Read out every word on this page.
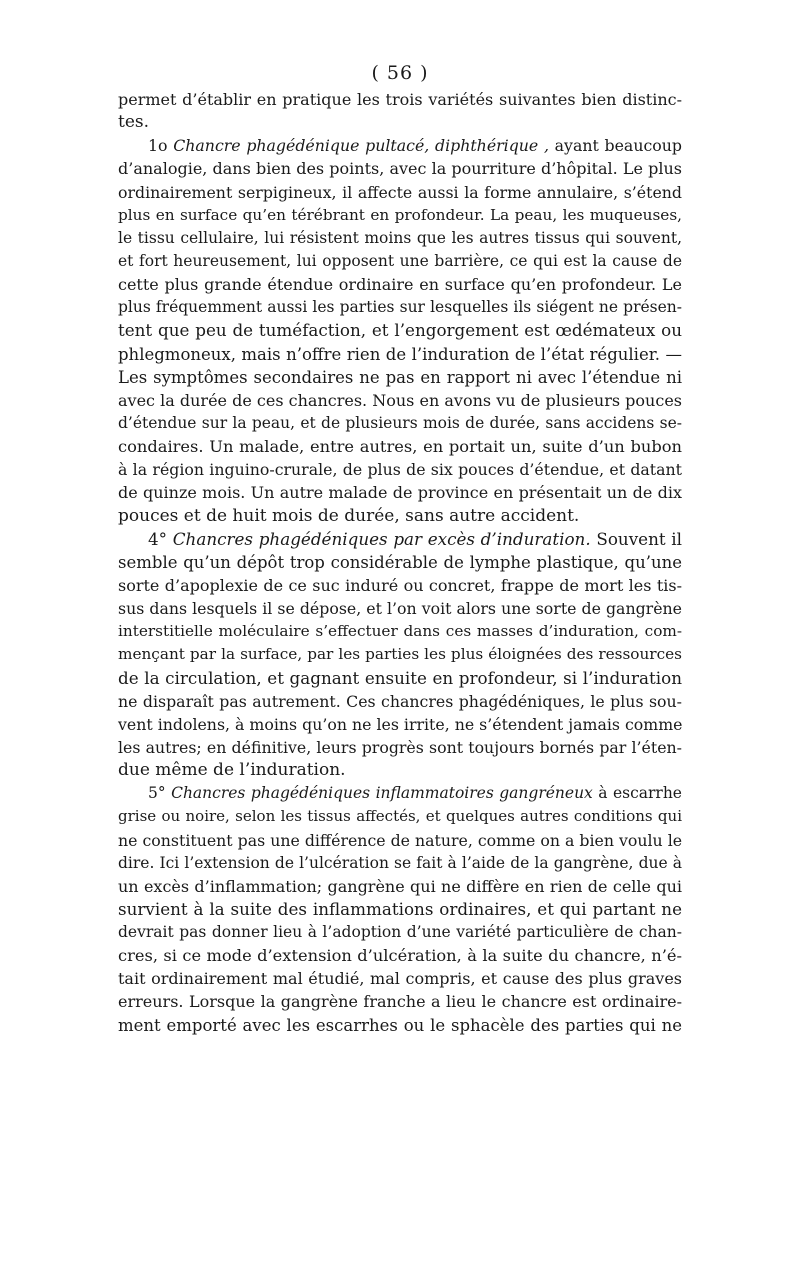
( 56 )
permet d’établir en pratique les trois variétés suivantes bien distinc-
tes.
1o Chancre phagédénique pultacé, diphthérique , ayant beaucoup
d’analogie, dans bien des points, avec la pourriture d’hôpital. Le plus
ordinairement serpigineux, il affecte aussi la forme annulaire, s’étend
plus en surface qu’en térébrant en profondeur. La peau, les muqueuses,
le tissu cellulaire, lui résistent moins que les autres tissus qui souvent,
et fort heureusement, lui opposent une barrière, ce qui est la cause de
cette plus grande étendue ordinaire en surface qu’en profondeur. Le
plus fréquemment aussi les parties sur lesquelles ils siégent ne présen-
tent que peu de tuméfaction, et l’engorgement est œdémateux ou
phlegmoneux, mais n’offre rien de l’induration de l’état régulier. —
Les symptômes secondaires ne pas en rapport ni avec l’étendue ni
avec la durée de ces chancres. Nous en avons vu de plusieurs pouces
d’étendue sur la peau, et de plusieurs mois de durée, sans accidens se-
condaires. Un malade, entre autres, en portait un, suite d’un bubon
à la région inguino-crurale, de plus de six pouces d’étendue, et datant
de quinze mois. Un autre malade de province en présentait un de dix
pouces et de huit mois de durée, sans autre accident.
4° Chancres phagédéniques par excès d’induration. Souvent il
semble qu’un dépôt trop considérable de lymphe plastique, qu’une
sorte d’apoplexie de ce suc induré ou concret, frappe de mort les tis-
sus dans lesquels il se dépose, et l’on voit alors une sorte de gangrène
interstitielle moléculaire s’effectuer dans ces masses d’induration, com-
mençant par la surface, par les parties les plus éloignées des ressources
de la circulation, et gagnant ensuite en profondeur, si l’induration
ne disparaît pas autrement. Ces chancres phagédéniques, le plus sou-
vent indolens, à moins qu’on ne les irrite, ne s’étendent jamais comme
les autres; en définitive, leurs progrès sont toujours bornés par l’éten-
due même de l’induration.
5° Chancres phagédéniques inflammatoires gangréneux à escarrhe
grise ou noire, selon les tissus affectés, et quelques autres conditions qui
ne constituent pas une différence de nature, comme on a bien voulu le
dire. Ici l’extension de l’ulcération se fait à l’aide de la gangrène, due à
un excès d’inflammation; gangrène qui ne diffère en rien de celle qui
survient à la suite des inflammations ordinaires, et qui partant ne
devrait pas donner lieu à l’adoption d’une variété particulière de chan-
cres, si ce mode d’extension d’ulcération, à la suite du chancre, n’é-
tait ordinairement mal étudié, mal compris, et cause des plus graves
erreurs. Lorsque la gangrène franche a lieu le chancre est ordinaire-
ment emporté avec les escarrhes ou le sphacèle des parties qui ne
